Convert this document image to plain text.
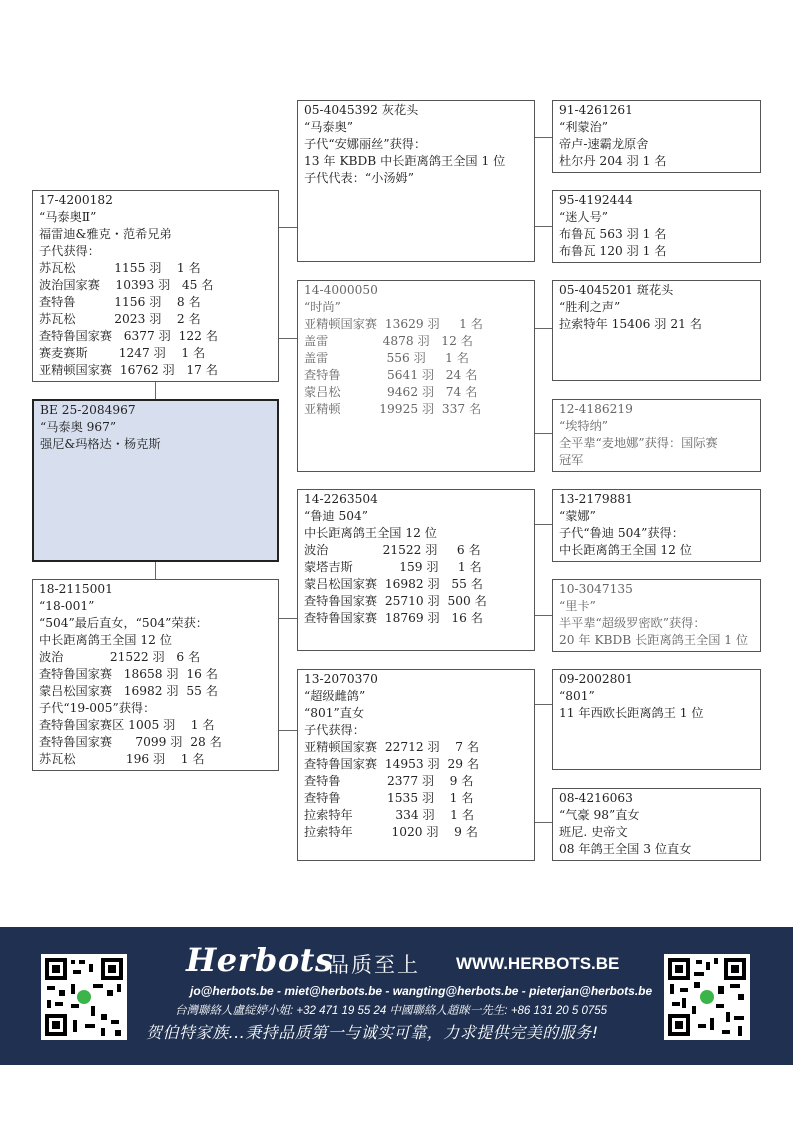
BE 25-2084967
“马泰奥 967”
强尼&玛格达・杨克斯
17-4200182
“马泰奥Ⅱ”
福雷迪&雅克・范希兄弟
子代获得：
苏瓦松          1155 羽    1 名
波治国家赛    10393 羽   45 名
查特鲁          1156 羽    8 名
苏瓦松          2023 羽    2 名
查特鲁国家赛   6377 羽  122 名
赛麦赛斯        1247 羽    1 名
亚精顿国家赛  16762 羽   17 名
18-2115001
“18-001”
“504”最后直女，“504”荣获：
中长距离鸽王全国 12 位
波治            21522 羽   6 名
查特鲁国家赛   18658 羽  16 名
蒙吕松国家赛   16982 羽  55 名
子代“19-005”获得：
查特鲁国家赛区 1005 羽    1 名
查特鲁国家赛      7099 羽  28 名
苏瓦松             196 羽    1 名
05-4045392 灰花头
“马泰奥”
子代“安娜丽丝”获得：
13 年 KBDB 中长距离鸽王全国 1 位
子代代表：“小汤姆”
14-4000050
“时尚”
亚精顿国家赛  13629 羽     1 名
盖雷              4878 羽   12 名
盖雷               556 羽     1 名
查特鲁            5641 羽   24 名
蒙吕松            9462 羽   74 名
亚精顿          19925 羽  337 名
14-2263504
“鲁迪 504”
中长距离鸽王全国 12 位
波治              21522 羽     6 名
蒙塔吉斯            159 羽     1 名
蒙吕松国家赛  16982 羽   55 名
查特鲁国家赛  25710 羽  500 名
查特鲁国家赛  18769 羽   16 名
13-2070370
“超级雌鸽”
“801”直女
子代获得：
亚精顿国家赛  22712 羽    7 名
查特鲁国家赛  14953 羽  29 名
查特鲁            2377 羽    9 名
查特鲁            1535 羽    1 名
拉索特年           334 羽    1 名
拉索特年          1020 羽    9 名
91-4261261
“利蒙治”
帝卢-速霸龙原舍
杜尔丹 204 羽 1 名
95-4192444
“迷人号”
布鲁瓦 563 羽 1 名
布鲁瓦 120 羽 1 名
05-4045201 斑花头
“胜利之声”
拉索特年 15406 羽 21 名
12-4186219
“埃特纳”
全平辈“麦地娜”获得：国际赛
冠军
13-2179881
“蒙娜”
子代“鲁迪 504”获得：
中长距离鸽王全国 12 位
10-3047135
“里卡”
半平辈“超级罗密欧”获得：
20 年 KBDB 长距离鸽王全国 1 位
09-2002801
“801”
11 年西欧长距离鸽王 1 位
08-4216063
“气豪 98”直女
班尼. 史帝文
08 年鸽王全国 3 位直女
Herbots
品质至上 WWW.HERBOTS.BE
jo@herbots.be - miet@herbots.be - wangting@herbots.be - pieterjan@herbots.be
台灣聯絡人盧綻婷小姐: +32 471 19 55 24 中國聯絡人趙睞一先生: +86 131 20 5 0755
贺伯特家族...秉持品质第一与诚实可靠，力求提供完美的服务!
